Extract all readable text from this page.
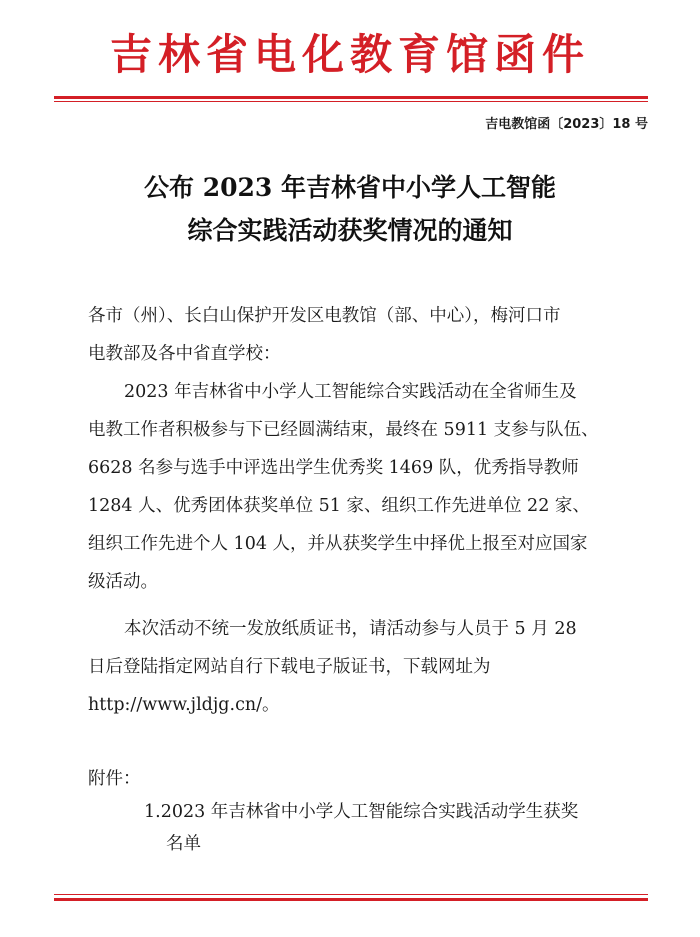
吉林省电化教育馆函件
吉电教馆函〔2023〕18 号
公布 2023 年吉林省中小学人工智能
综合实践活动获奖情况的通知
各市（州）、长白山保护开发区电教馆（部、中心），梅河口市
电教部及各中省直学校：
2023 年吉林省中小学人工智能综合实践活动在全省师生及
电教工作者积极参与下已经圆满结束，最终在 5911 支参与队伍、
6628 名参与选手中评选出学生优秀奖 1469 队，优秀指导教师
1284 人、优秀团体获奖单位 51 家、组织工作先进单位 22 家、
组织工作先进个人 104 人，并从获奖学生中择优上报至对应国家
级活动。
本次活动不统一发放纸质证书，请活动参与人员于 5 月 28
日后登陆指定网站自行下载电子版证书，下载网址为
http://www.jldjg.cn/。
附件：
1.2023 年吉林省中小学人工智能综合实践活动学生获奖
名单
